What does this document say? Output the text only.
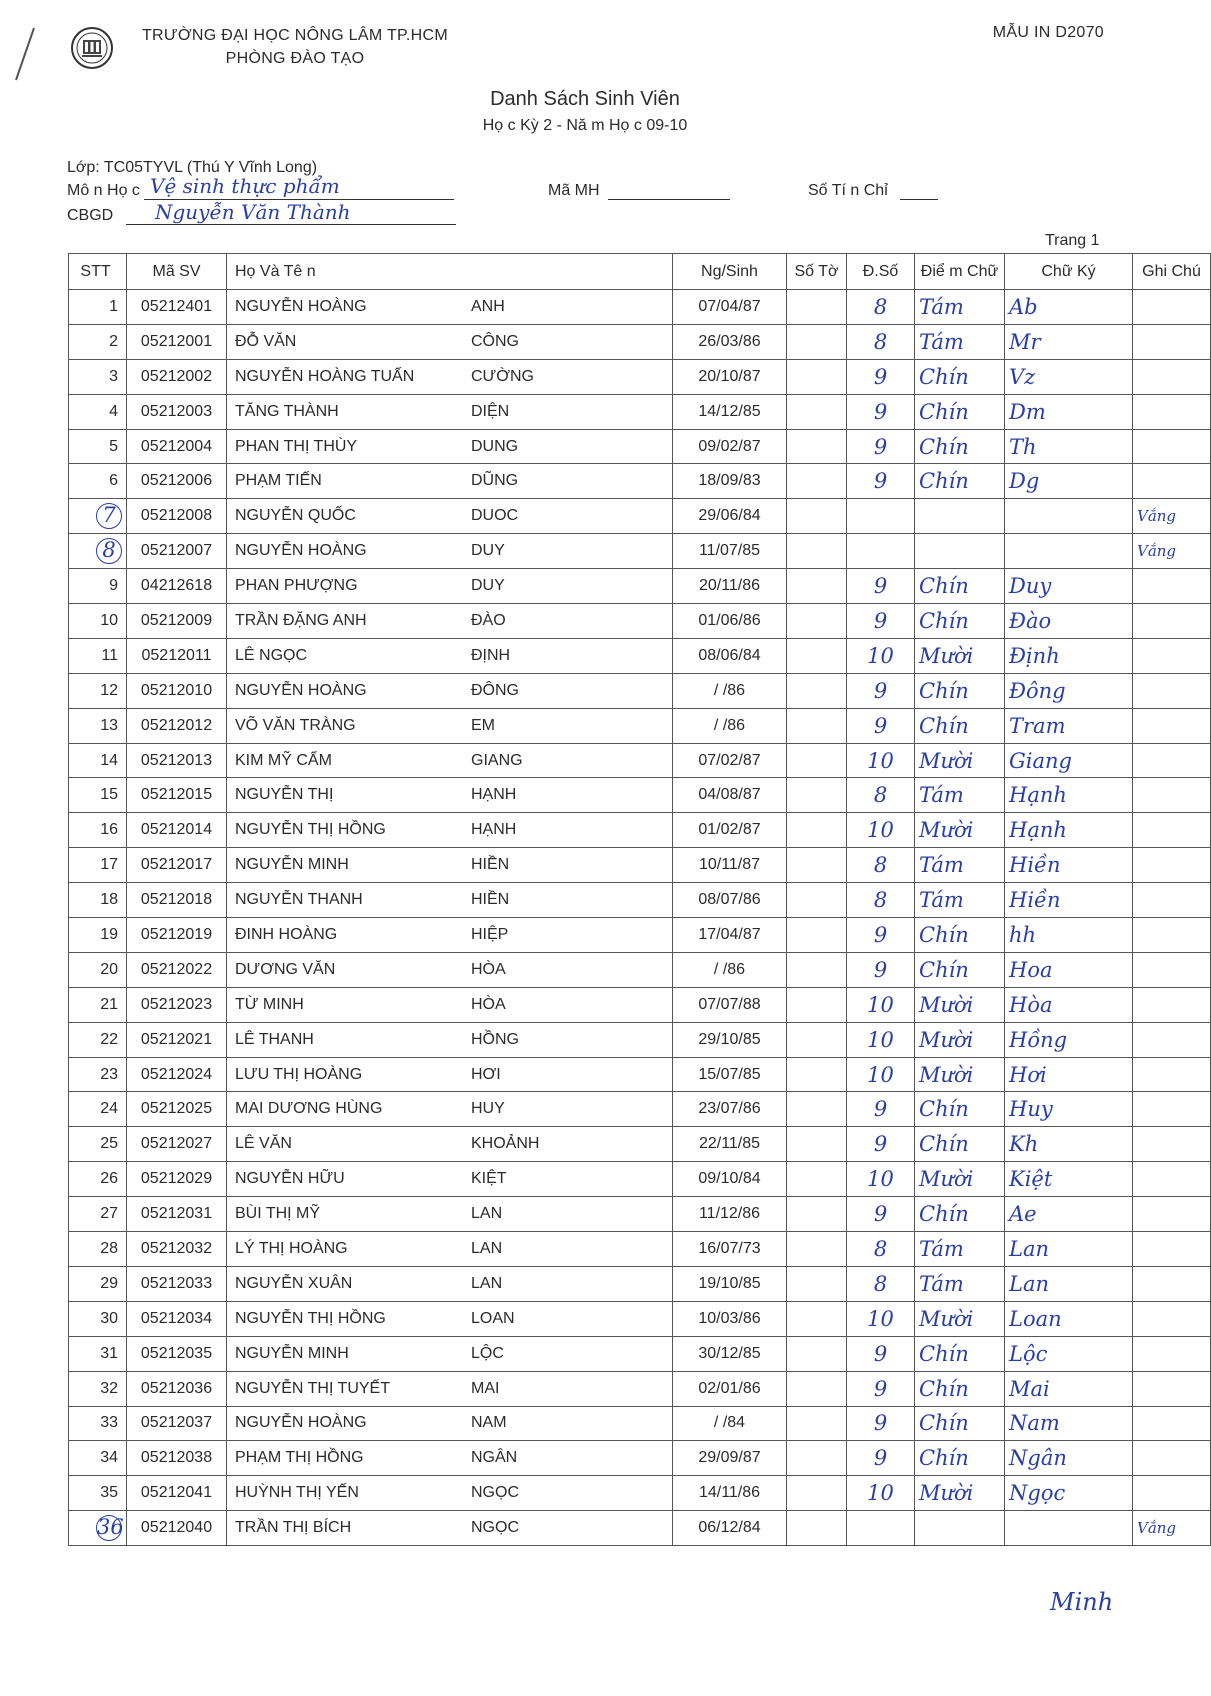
TRƯỜNG ĐẠI HỌC NÔNG LÂM TP.HCM
PHÒNG ĐÀO TẠO
MẪU IN D2070
Danh Sách Sinh Viên
Họ c Kỳ 2 - Nă m Họ c 09-10
Lớp: TC05TYVL (Thú Y Vĩnh Long)
Mô n Họ c Vệ sinh thực phẩm
CBGD	Nguyễn Văn Thành
Mã MH	Số Tí n Chỉ
Trang 1
STT	Mã SV	Họ Và Tê n	Ng/Sinh	Số Tờ	Đ.Số	Điể m Chữ	Chữ Ký	Ghi Chú
1	05212401	NGUYỄN HOÀNG ANH	07/04/87		8	Tám	Ab	
2	05212001	ĐỖ VĂN CÔNG	26/03/86		8	Tám	Mr	
3	05212002	NGUYỄN HOÀNG TUẤN CƯỜNG	20/10/87		9	Chín	Vz	
4	05212003	TĂNG THÀNH DIỆN	14/12/85		9	Chín	Dm	
5	05212004	PHAN THỊ THÙY DUNG	09/02/87		9	Chín	Th	
6	05212006	PHẠM TIẾN DŨNG	18/09/83		9	Chín	Dg	
7	05212008	NGUYỄN QUỐC DUOC	29/06/84					Vắng
8	05212007	NGUYỄN HOÀNG DUY	11/07/85					Vắng
9	04212618	PHAN PHƯỢNG DUY	20/11/86		9	Chín	Duy	
10	05212009	TRẦN ĐẶNG ANH ĐÀO	01/06/86		9	Chín	Đào	
11	05212011	LÊ NGỌC ĐỊNH	08/06/84		10	Mười	Định	
12	05212010	NGUYỄN HOÀNG ĐÔNG	/ /86		9	Chín	Đông	
13	05212012	VÕ VĂN TRÀNG EM	/ /86		9	Chín	Tram	
14	05212013	KIM MỸ CẨM GIANG	07/02/87		10	Mười	Giang	
15	05212015	NGUYỄN THỊ HẠNH	04/08/87		8	Tám	Hạnh	
16	05212014	NGUYỄN THỊ HỒNG HẠNH	01/02/87		10	Mười	Hạnh	
17	05212017	NGUYỄN MINH HIỀN	10/11/87		8	Tám	Hiền	
18	05212018	NGUYỄN THANH HIỀN	08/07/86		8	Tám	Hiền	
19	05212019	ĐINH HOÀNG HIỆP	17/04/87		9	Chín	hh	
20	05212022	DƯƠNG VĂN HÒA	/ /86		9	Chín	Hoa	
21	05212023	TỪ MINH HÒA	07/07/88		10	Mười	Hòa	
22	05212021	LÊ THANH HỒNG	29/10/85		10	Mười	Hồng	
23	05212024	LƯU THỊ HOÀNG HƠI	15/07/85		10	Mười	Hơi	
24	05212025	MAI DƯƠNG HÙNG HUY	23/07/86		9	Chín	Huy	
25	05212027	LÊ VĂN KHOẢNH	22/11/85		9	Chín	Kh	
26	05212029	NGUYỄN HỮU KIỆT	09/10/84		10	Mười	Kiệt	
27	05212031	BÙI THỊ MỸ LAN	11/12/86		9	Chín	Ae	
28	05212032	LÝ THỊ HOÀNG LAN	16/07/73		8	Tám	Lan	
29	05212033	NGUYỄN XUÂN LAN	19/10/85		8	Tám	Lan	
30	05212034	NGUYỄN THỊ HỒNG LOAN	10/03/86		10	Mười	Loan	
31	05212035	NGUYỄN MINH LỘC	30/12/85		9	Chín	Lộc	
32	05212036	NGUYỄN THỊ TUYẾT MAI	02/01/86		9	Chín	Mai	
33	05212037	NGUYỄN HOÀNG NAM	/ /84		9	Chín	Nam	
34	05212038	PHẠM THỊ HỒNG NGÂN	29/09/87		9	Chín	Ngân	
35	05212041	HUỲNH THỊ YẾN NGỌC	14/11/86		10	Mười	Ngọc	
36	05212040	TRẦN THỊ BÍCH NGỌC	06/12/84					Vắng
Minh
